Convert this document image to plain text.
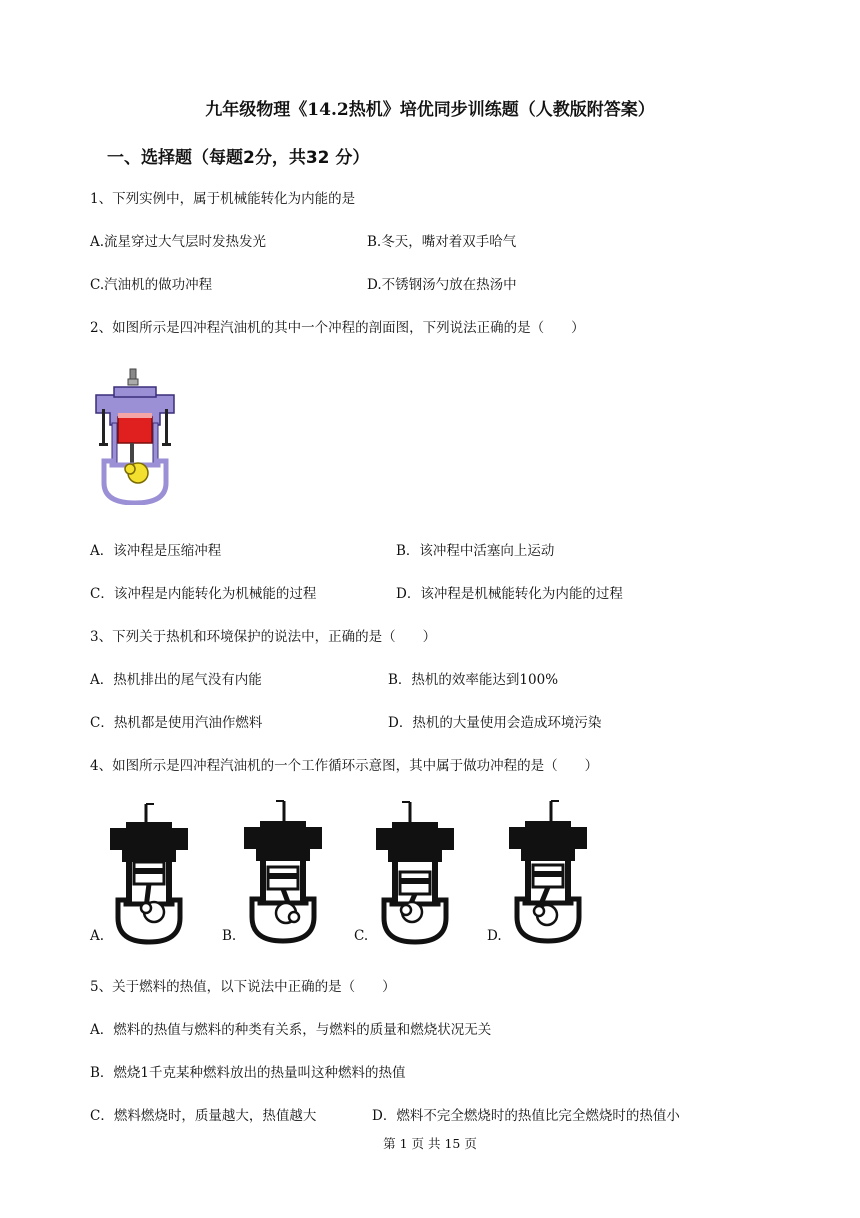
九年级物理《14.2热机》培优同步训练题（人教版附答案）
一、选择题（每题2分，共32 分）
1、下列实例中，属于机械能转化为内能的是
A.流星穿过大气层时发热发光	B.冬天，嘴对着双手哈气
C.汽油机的做功冲程	D.不锈钢汤勺放在热汤中
2、如图所示是四冲程汽油机的其中一个冲程的剖面图，下列说法正确的是（　　）
A．该冲程是压缩冲程	B．该冲程中活塞向上运动
C．该冲程是内能转化为机械能的过程	D．该冲程是机械能转化为内能的过程
3、下列关于热机和环境保护的说法中，正确的是（　　）
A．热机排出的尾气没有内能	B．热机的效率能达到100%
C．热机都是使用汽油作燃料	D．热机的大量使用会造成环境污染
4、如图所示是四冲程汽油机的一个工作循环示意图，其中属于做功冲程的是（　　）
A.	B.	C.	D.
5、关于燃料的热值，以下说法中正确的是（　　）
A．燃料的热值与燃料的种类有关系，与燃料的质量和燃烧状况无关
B．燃烧1千克某种燃料放出的热量叫这种燃料的热值
C．燃料燃烧时，质量越大，热值越大	D．燃料不完全燃烧时的热值比完全燃烧时的热值小
第 1 页 共 15 页
